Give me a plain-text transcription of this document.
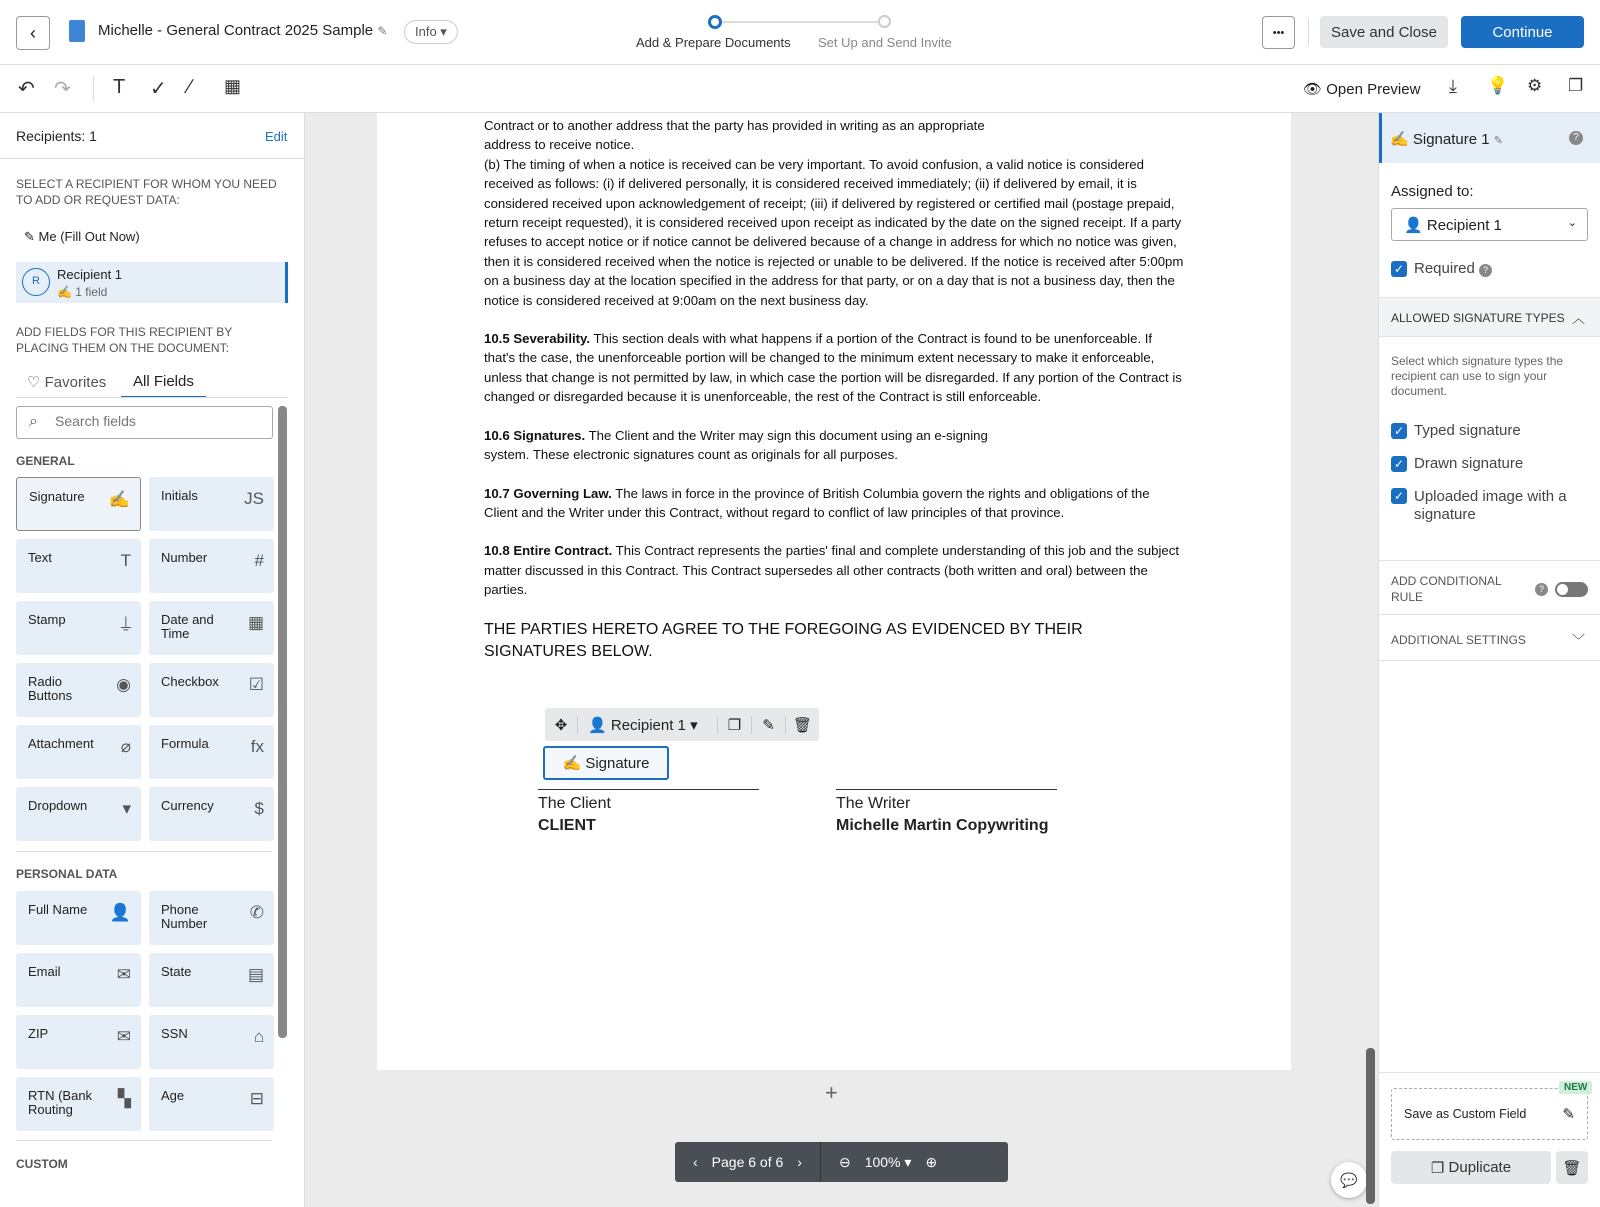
‹	Michelle - General Contract 2025 Sample ✎	Info ▾
Add & Prepare Documents Set Up and Send Invite
•••	Save and Close	Continue
↶ ↷ T ✓ ∕ ▦	👁 Open Preview ⤓ 💡 ⚙ ❐
Recipients: 1	Edit
SELECT A RECIPIENT FOR WHOM YOU NEED TO ADD OR REQUEST DATA:
✎ Me (Fill Out Now)
R	Recipient 1
✍ 1 field
ADD FIELDS FOR THIS RECIPIENT BY PLACING THEM ON THE DOCUMENT:
♡ Favorites	All Fields
⌕
Search fields
GENERAL
Signature	✍ Initials	JS
Text	T Number	#
Stamp	⍊ Date and Time
▦
Radio Buttons
◉ Checkbox	☑
Attachment	⌀ Formula	fx
Dropdown	▾ Currency	$
PERSONAL DATA
Full Name	👤 Phone Number
✆
Email	✉ State	▤
ZIP	✉ SSN	⌂
RTN (Bank Routing
▚ Age	⊟
CUSTOM

Contract or to another address that the party has provided in writing as an appropriate address to receive notice.

(b) The timing of when a notice is received can be very important. To avoid confusion, a valid notice is considered received as follows: (i) if delivered personally, it is considered received immediately; (ii) if delivered by email, it is considered received upon acknowledgement of receipt; (iii) if delivered by registered or certified mail (postage prepaid, return receipt requested), it is considered received upon receipt as indicated by the date on the signed receipt. If a party refuses to accept notice or if notice cannot be delivered because of a change in address for which no notice was given, then it is considered received when the notice is rejected or unable to be delivered. If the notice is received after 5:00pm on a business day at the location specified in the address for that party, or on a day that is not a business day, then the notice is considered received at 9:00am on the next business day.

10.5 Severability. This section deals with what happens if a portion of the Contract is found to be unenforceable. If that's the case, the unenforceable portion will be changed to the minimum extent necessary to make it enforceable, unless that change is not permitted by law, in which case the portion will be disregarded. If any portion of the Contract is changed or disregarded because it is unenforceable, the rest of the Contract is still enforceable.

10.6 Signatures. The Client and the Writer may sign this document using an e-signing system. These electronic signatures count as originals for all purposes.

10.7 Governing Law. The laws in force in the province of British Columbia govern the rights and obligations of the Client and the Writer under this Contract, without regard to conflict of law principles of that province.

10.8 Entire Contract. This Contract represents the parties' final and complete understanding of this job and the subject matter discussed in this Contract. This Contract supersedes all other contracts (both written and oral) between the parties.

THE PARTIES HERETO AGREE TO THE FOREGOING AS EVIDENCED BY THEIR SIGNATURES BELOW.

✥	👤 Recipient 1 ▾	❐	✎	🗑
✍
Signature
The Client
CLIENT
The Writer
Michelle Martin Copywriting
+
‹ Page 6 of 6 ›	⊖ 100% ▾ ⊕
💬
✍ Signature 1 ✎	?
Assigned to:
👤 Recipient 1	⌄
✓ Required ?
ALLOWED SIGNATURE TYPES ︿
Select which signature types the recipient can use to sign your document.
✓ Typed signature
✓ Drawn signature
✓ Uploaded image with a signature
ADD CONDITIONAL RULE
?
ADDITIONAL SETTINGS	﹀
Save as Custom Field ✎
NEW
❐
Duplicate	🗑
